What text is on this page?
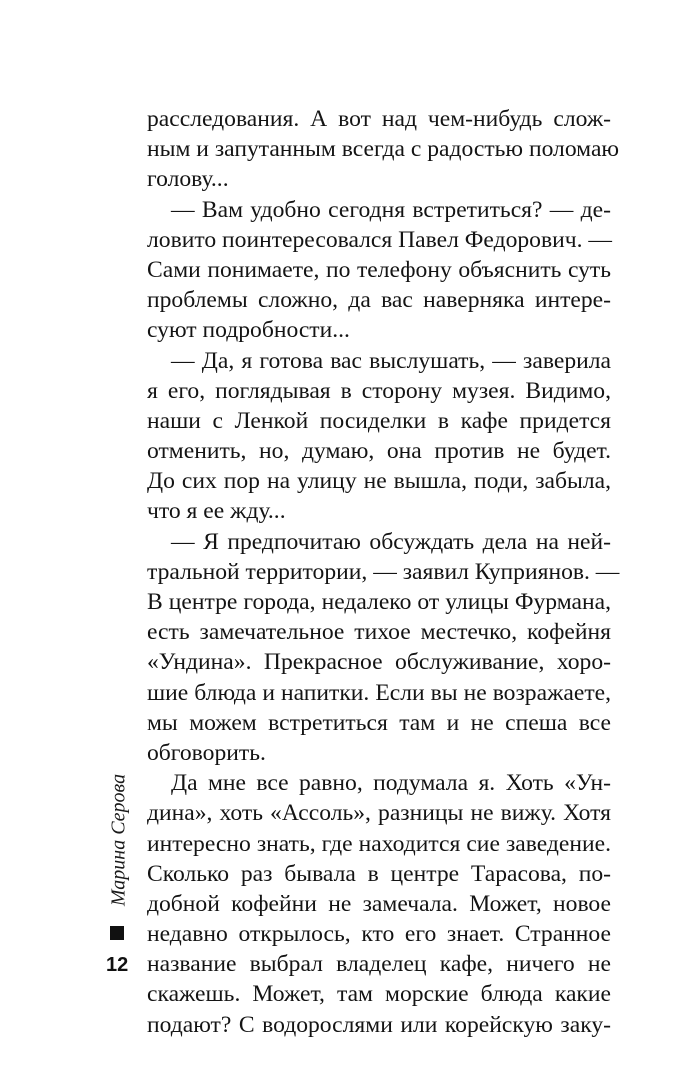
расследования. А вот над чем-нибудь слож-
ным и запутанным всегда с радостью поломаю
голову...
— Вам удобно сегодня встретиться? — де-
ловито поинтересовался Павел Федорович. —
Сами понимаете, по телефону объяснить суть
проблемы сложно, да вас наверняка интере-
суют подробности...
— Да, я готова вас выслушать, — заверила
я его, поглядывая в сторону музея. Видимо,
наши с Ленкой посиделки в кафе придется
отменить, но, думаю, она против не будет.
До сих пор на улицу не вышла, поди, забыла,
что я ее жду...
— Я предпочитаю обсуждать дела на ней-
тральной территории, — заявил Куприянов. —
В центре города, недалеко от улицы Фурмана,
есть замечательное тихое местечко, кофейня
«Ундина». Прекрасное обслуживание, хоро-
шие блюда и напитки. Если вы не возражаете,
мы можем встретиться там и не спеша все
обговорить.
Да мне все равно, подумала я. Хоть «Ун-
дина», хоть «Ассоль», разницы не вижу. Хотя
интересно знать, где находится сие заведение.
Сколько раз бывала в центре Тарасова, по-
добной кофейни не замечала. Может, новое
недавно открылось, кто его знает. Странное
название выбрал владелец кафе, ничего не
скажешь. Может, там морские блюда какие
подают? С водорослями или корейскую заку-
Марина Серова
12
